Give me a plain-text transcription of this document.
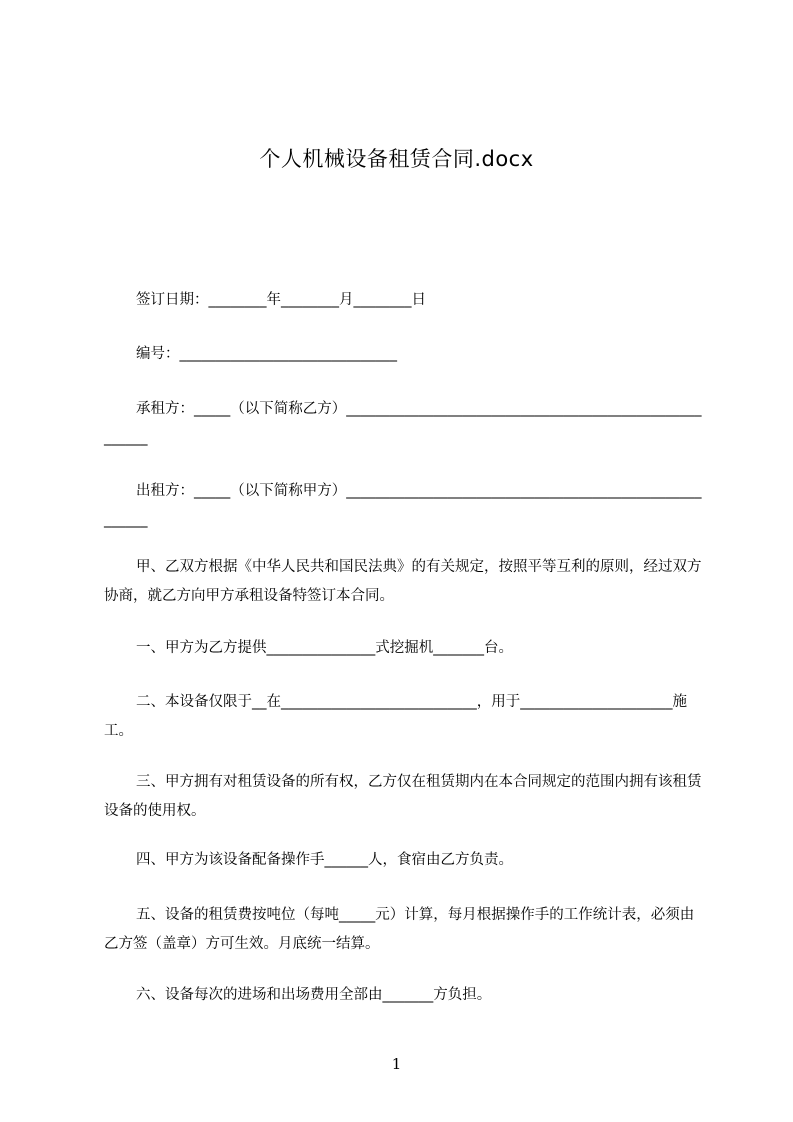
个人机械设备租赁合同.docx
签订日期：________年________月________日
编号：______________________________
承租方：_____（以下简称乙方）_______________________________________________________
出租方：_____（以下简称甲方）_______________________________________________________
甲、乙双方根据《中华人民共和国民法典》的有关规定，按照平等互利的原则，经过双方协商，就乙方向甲方承租设备特签订本合同。
一、甲方为乙方提供_______________式挖掘机_______台。
二、本设备仅限于__在___________________________，用于_____________________施工。
三、甲方拥有对租赁设备的所有权，乙方仅在租赁期内在本合同规定的范围内拥有该租赁设备的使用权。
四、甲方为该设备配备操作手______人，食宿由乙方负责。
五、设备的租赁费按吨位（每吨_____元）计算，每月根据操作手的工作统计表，必须由乙方签（盖章）方可生效。月底统一结算。
六、设备每次的进场和出场费用全部由_______方负担。
1
